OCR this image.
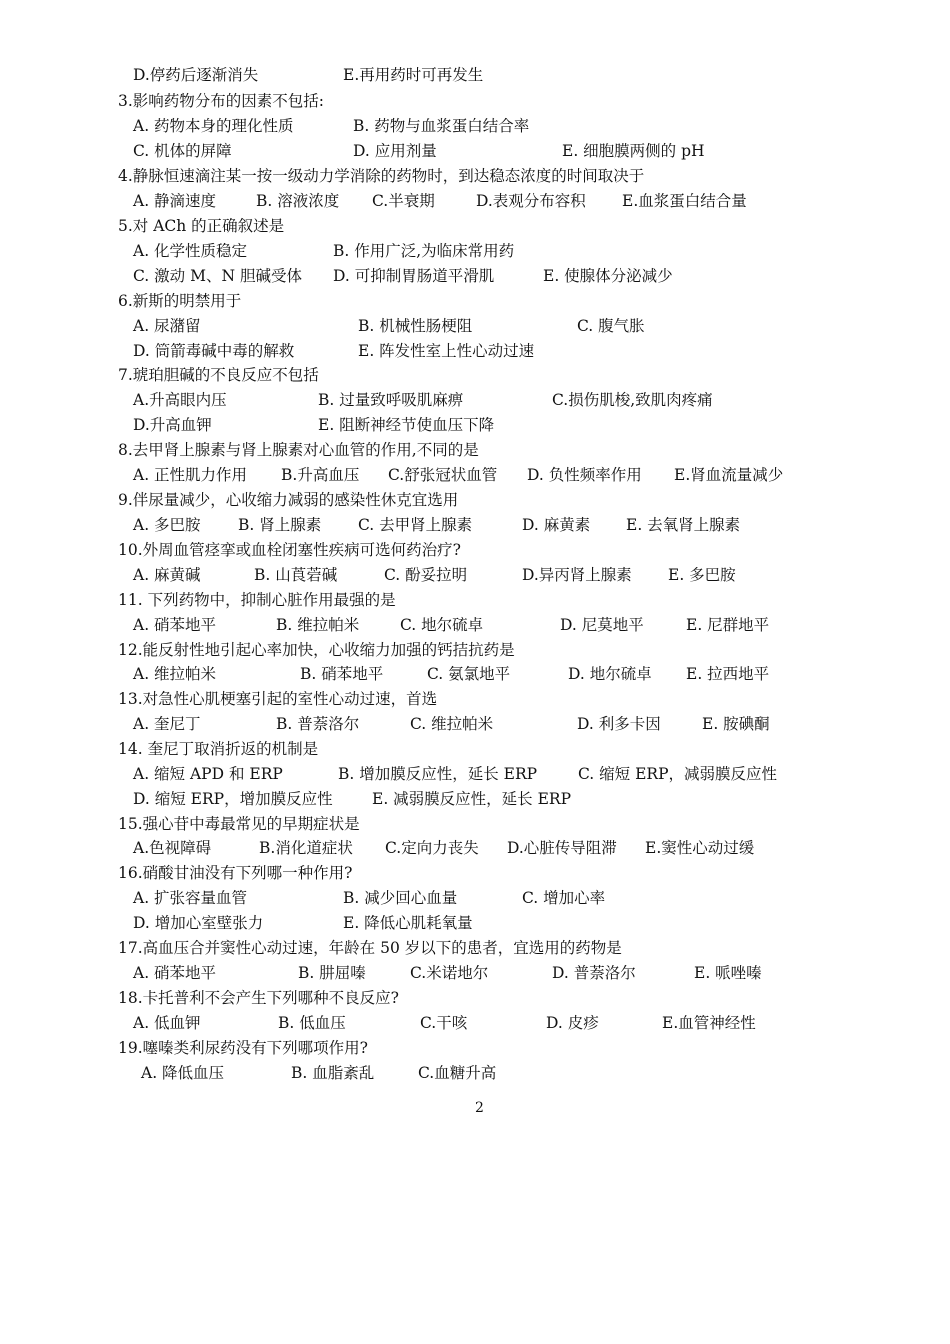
D.停药后逐渐消失	E.再用药时可再发生
3.影响药物分布的因素不包括:
A. 药物本身的理化性质	B. 药物与血浆蛋白结合率
C. 机体的屏障	D. 应用剂量	E. 细胞膜两侧的 pH
4.静脉恒速滴注某一按一级动力学消除的药物时，到达稳态浓度的时间取决于
A. 静滴速度	B. 溶液浓度 C.半衰期	D.表观分布容积 E.血浆蛋白结合量
5.对 ACh 的正确叙述是
A. 化学性质稳定	B. 作用广泛,为临床常用药
C. 激动 M、N 胆碱受体 D. 可抑制胃肠道平滑肌	E. 使腺体分泌减少
6.新斯的明禁用于
A. 尿潴留	B. 机械性肠梗阻	C. 腹气胀
D. 筒箭毒碱中毒的解救	E. 阵发性室上性心动过速
7.琥珀胆碱的不良反应不包括
A.升高眼内压	B. 过量致呼吸肌麻痹	C.损伤肌梭,致肌肉疼痛
D.升高血钾	E. 阻断神经节使血压下降
8.去甲肾上腺素与肾上腺素对心血管的作用,不同的是
A. 正性肌力作用 B.升高血压 C.舒张冠状血管 D. 负性频率作用 E.肾血流量减少
9.伴尿量减少，心收缩力减弱的感染性休克宜选用
A. 多巴胺 B. 肾上腺素 C. 去甲肾上腺素	D. 麻黄素 E. 去氧肾上腺素
10.外周血管痉挛或血栓闭塞性疾病可选何药治疗?
A. 麻黄碱	B. 山莨菪碱	C. 酚妥拉明	D.异丙肾上腺素 E. 多巴胺
11. 下列药物中，抑制心脏作用最强的是
A. 硝苯地平	B. 维拉帕米	C. 地尔硫卓	D. 尼莫地平	E. 尼群地平
12.能反射性地引起心率加快，心收缩力加强的钙拮抗药是
A. 维拉帕米	B. 硝苯地平	C. 氨氯地平	D. 地尔硫卓 E. 拉西地平
13.对急性心肌梗塞引起的室性心动过速，首选
A. 奎尼丁	B. 普萘洛尔	C. 维拉帕米	D. 利多卡因	E. 胺碘酮
14. 奎尼丁取消折返的机制是
A. 缩短 APD 和 ERP	B. 增加膜反应性，延长 ERP	C. 缩短 ERP，减弱膜反应性
D. 缩短 ERP，增加膜反应性	E. 减弱膜反应性，延长 ERP
15.强心苷中毒最常见的早期症状是
A.色视障碍	B.消化道症状 C.定向力丧失 D.心脏传导阻滞 E.窦性心动过缓
16.硝酸甘油没有下列哪一种作用?
A. 扩张容量血管	B. 减少回心血量	C. 增加心率
D. 增加心室壁张力	E. 降低心肌耗氧量
17.高血压合并窦性心动过速，年龄在 50 岁以下的患者，宜选用的药物是
A. 硝苯地平	B. 肼屈嗪	C.米诺地尔	D. 普萘洛尔	E. 哌唑嗪
18.卡托普利不会产生下列哪种不良反应?
A. 低血钾	B. 低血压	C.干咳	D. 皮疹	E.血管神经性
19.噻嗪类利尿药没有下列哪项作用?
A. 降低血压	B. 血脂紊乱	C.血糖升高
2
